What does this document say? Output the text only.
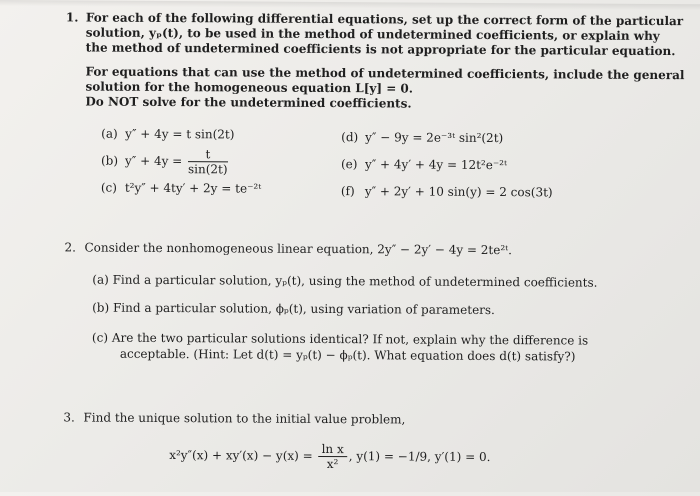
1. For each of the following differential equations, set up the correct form of the particular
solution, yₚ(t), to be used in the method of undetermined coefficients, or explain why
the method of undetermined coefficients is not appropriate for the particular equation.
For equations that can use the method of undetermined coefficients, include the general
solution for the homogeneous equation L[y] = 0.
Do NOT solve for the undetermined coefficients.
(a) y″ + 4y = t sin(2t)
(b) $y'' + 4y = \frac{t}{\sin(2t)}$
(c) t²y″ + 4ty′ + 2y = te⁻²ᵗ
(d) y″ − 9y = 2e⁻³ᵗ sin²(2t)
(e) y″ + 4y′ + 4y = 12t²e⁻²ᵗ
(f) y″ + 2y′ + 10 sin(y) = 2 cos(3t)
2. Consider the nonhomogeneous linear equation, 2y″ − 2y′ − 4y = 2te²ᵗ.
(a) Find a particular solution, yₚ(t), using the method of undetermined coefficients.
(b) Find a particular solution, ϕₚ(t), using variation of parameters.
(c) Are the two particular solutions identical? If not, explain why the difference is
acceptable. (Hint: Let d(t) = yₚ(t) − ϕₚ(t). What equation does d(t) satisfy?)
3. Find the unique solution to the initial value problem,
$x^2y''(x) + xy'(x) - y(x) = \frac{\text{ln x}}{\text{x²}}$ , y(1) = −1/9, y′(1) = 0.
